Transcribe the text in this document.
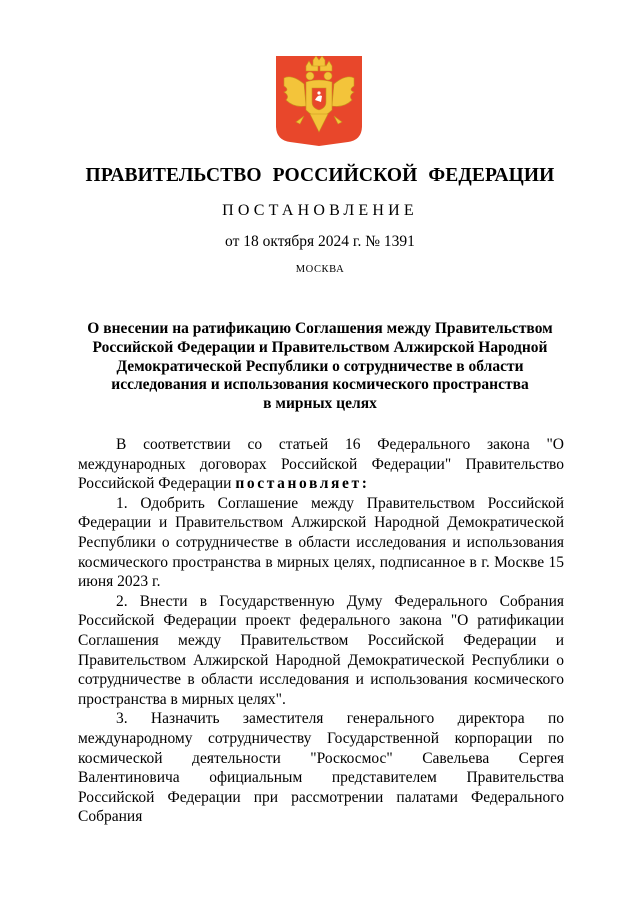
ПРАВИТЕЛЬСТВО РОССИЙСКОЙ ФЕДЕРАЦИИ
ПОСТАНОВЛЕНИЕ
от 18 октября 2024 г. № 1391
МОСКВА
О внесении на ратификацию Соглашения между Правительством
Российской Федерации и Правительством Алжирской Народной
Демократической Республики о сотрудничестве в области
исследования и использования космического пространства
в мирных целях

В соответствии со статьей 16 Федерального закона "О международных договорах Российской Федерации" Правительство Российской Федерации постановляет:

1. Одобрить Соглашение между Правительством Российской Федерации и Правительством Алжирской Народной Демократической Республики о сотрудничестве в области исследования и использования космического пространства в мирных целях, подписанное в г. Москве 15 июня 2023 г.

2. Внести в Государственную Думу Федерального Собрания Российской Федерации проект федерального закона "О ратификации Соглашения между Правительством Российской Федерации и Правительством Алжирской Народной Демократической Республики о сотрудничестве в области исследования и использования космического пространства в мирных целях".

3. Назначить заместителя генерального директора по международному сотрудничеству Государственной корпорации по космической деятельности "Роскосмос" Савельева Сергея Валентиновича официальным представителем Правительства Российской Федерации при рассмотрении палатами Федерального Собрания
